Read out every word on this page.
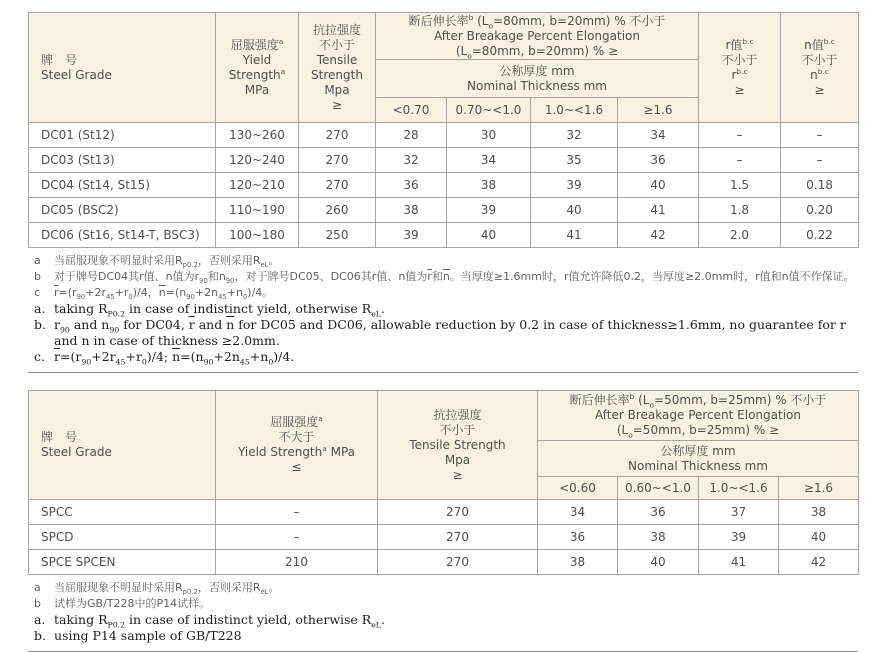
牌　号
Steel Grade

屈服强度$^a$
Yield
Strength$^a$
MPa

抗拉强度
不小于
Tensile
Strength
Mpa
≥

断后伸长率$^b$ ($L_o=80mm$, b=20mm) % 不小于
After Breakage Percent Elongation
($L_o=80mm$, b=20mm) % ≥	r值$^{b.c}$
不小于
$r^{b.c}$
≥

n值$^{b.c}$
不小于
$n^{b.c}$
≥

			公称厚度 mm
Nominal Thickness mm					

			<0.70	0.70~<1.0	1.0~<1.6	≥1.6		
DC01 (St12)	130~260	270	28	30	32	34	–	–
DC03 (St13)	120~240	270	32	34	35	36	–	–
DC04 (St14, St15)	120~210	270	36	38	39	40	1.5	0.18
DC05 (BSC2)	110~190	260	38	39	40	41	1.8	0.20
DC06 (St16, St14-T, BSC3)	100~180	250	39	40	41	42	2.0	0.22
a	当屈服现象不明显时采用$R_{p0.2}$，否则采用$R_{eL}$。
b	对于牌号DC04其r值、n值为$r_{90}$和$n_{90}$，对于牌号DC05、DC06其r值、n值为$\overline{r}$和$\overline{n}$。当厚度≥1.6mm时，r值允许降低0.2，当厚度≥2.0mm时，r值和n值不作保证。
c	$\overline{r}=(r_{90}+2r_{45}+r_0)/4$，$\overline{n}=(n_{90}+2n_{45}+n_0)/4$。
a. taking $R_{P0.2}$ in case of indistinct yield, otherwise $R_{eL}$.
b. $r_{90}$ and $n_{90}$ for DC04, $\overline{r}$ and $\overline{n}$ for DC05 and DC06, allowable reduction by 0.2 in case of thickness≥1.6mm, no guarantee for r and n in case of thickness ≥2.0mm.
c. $\overline{r}=(r_{90}+2r_{45}+r_0)/4$; $\overline{n}=(n_{90}+2n_{45}+n_0)/4$.
牌　号
Steel Grade

屈服强度$^a$
不大于
Yield Strength$^a$ MPa
≤

抗拉强度
不小于
Tensile Strength
Mpa
≥

断后伸长率$^b$ ($L_o=50mm$, b=25mm) % 不小于
After Breakage Percent Elongation
($L_o=50mm$, b=25mm) % ≥

			公称厚度 mm
Nominal Thickness mm			

			<0.60	0.60~<1.0	1.0~<1.6	≥1.6
SPCC	–	270	34	36	37	38
SPCD	–	270	36	38	39	40
SPCE SPCEN	210	270	38	40	41	42
a	当屈服现象不明显时采用$R_{p0.2}$，否则采用$R_{eL}$。
b	试样为GB/T228中的P14试样。
a. taking $R_{P0.2}$ in case of indistinct yield, otherwise $R_{eL}$.
b. using P14 sample of GB/T228
